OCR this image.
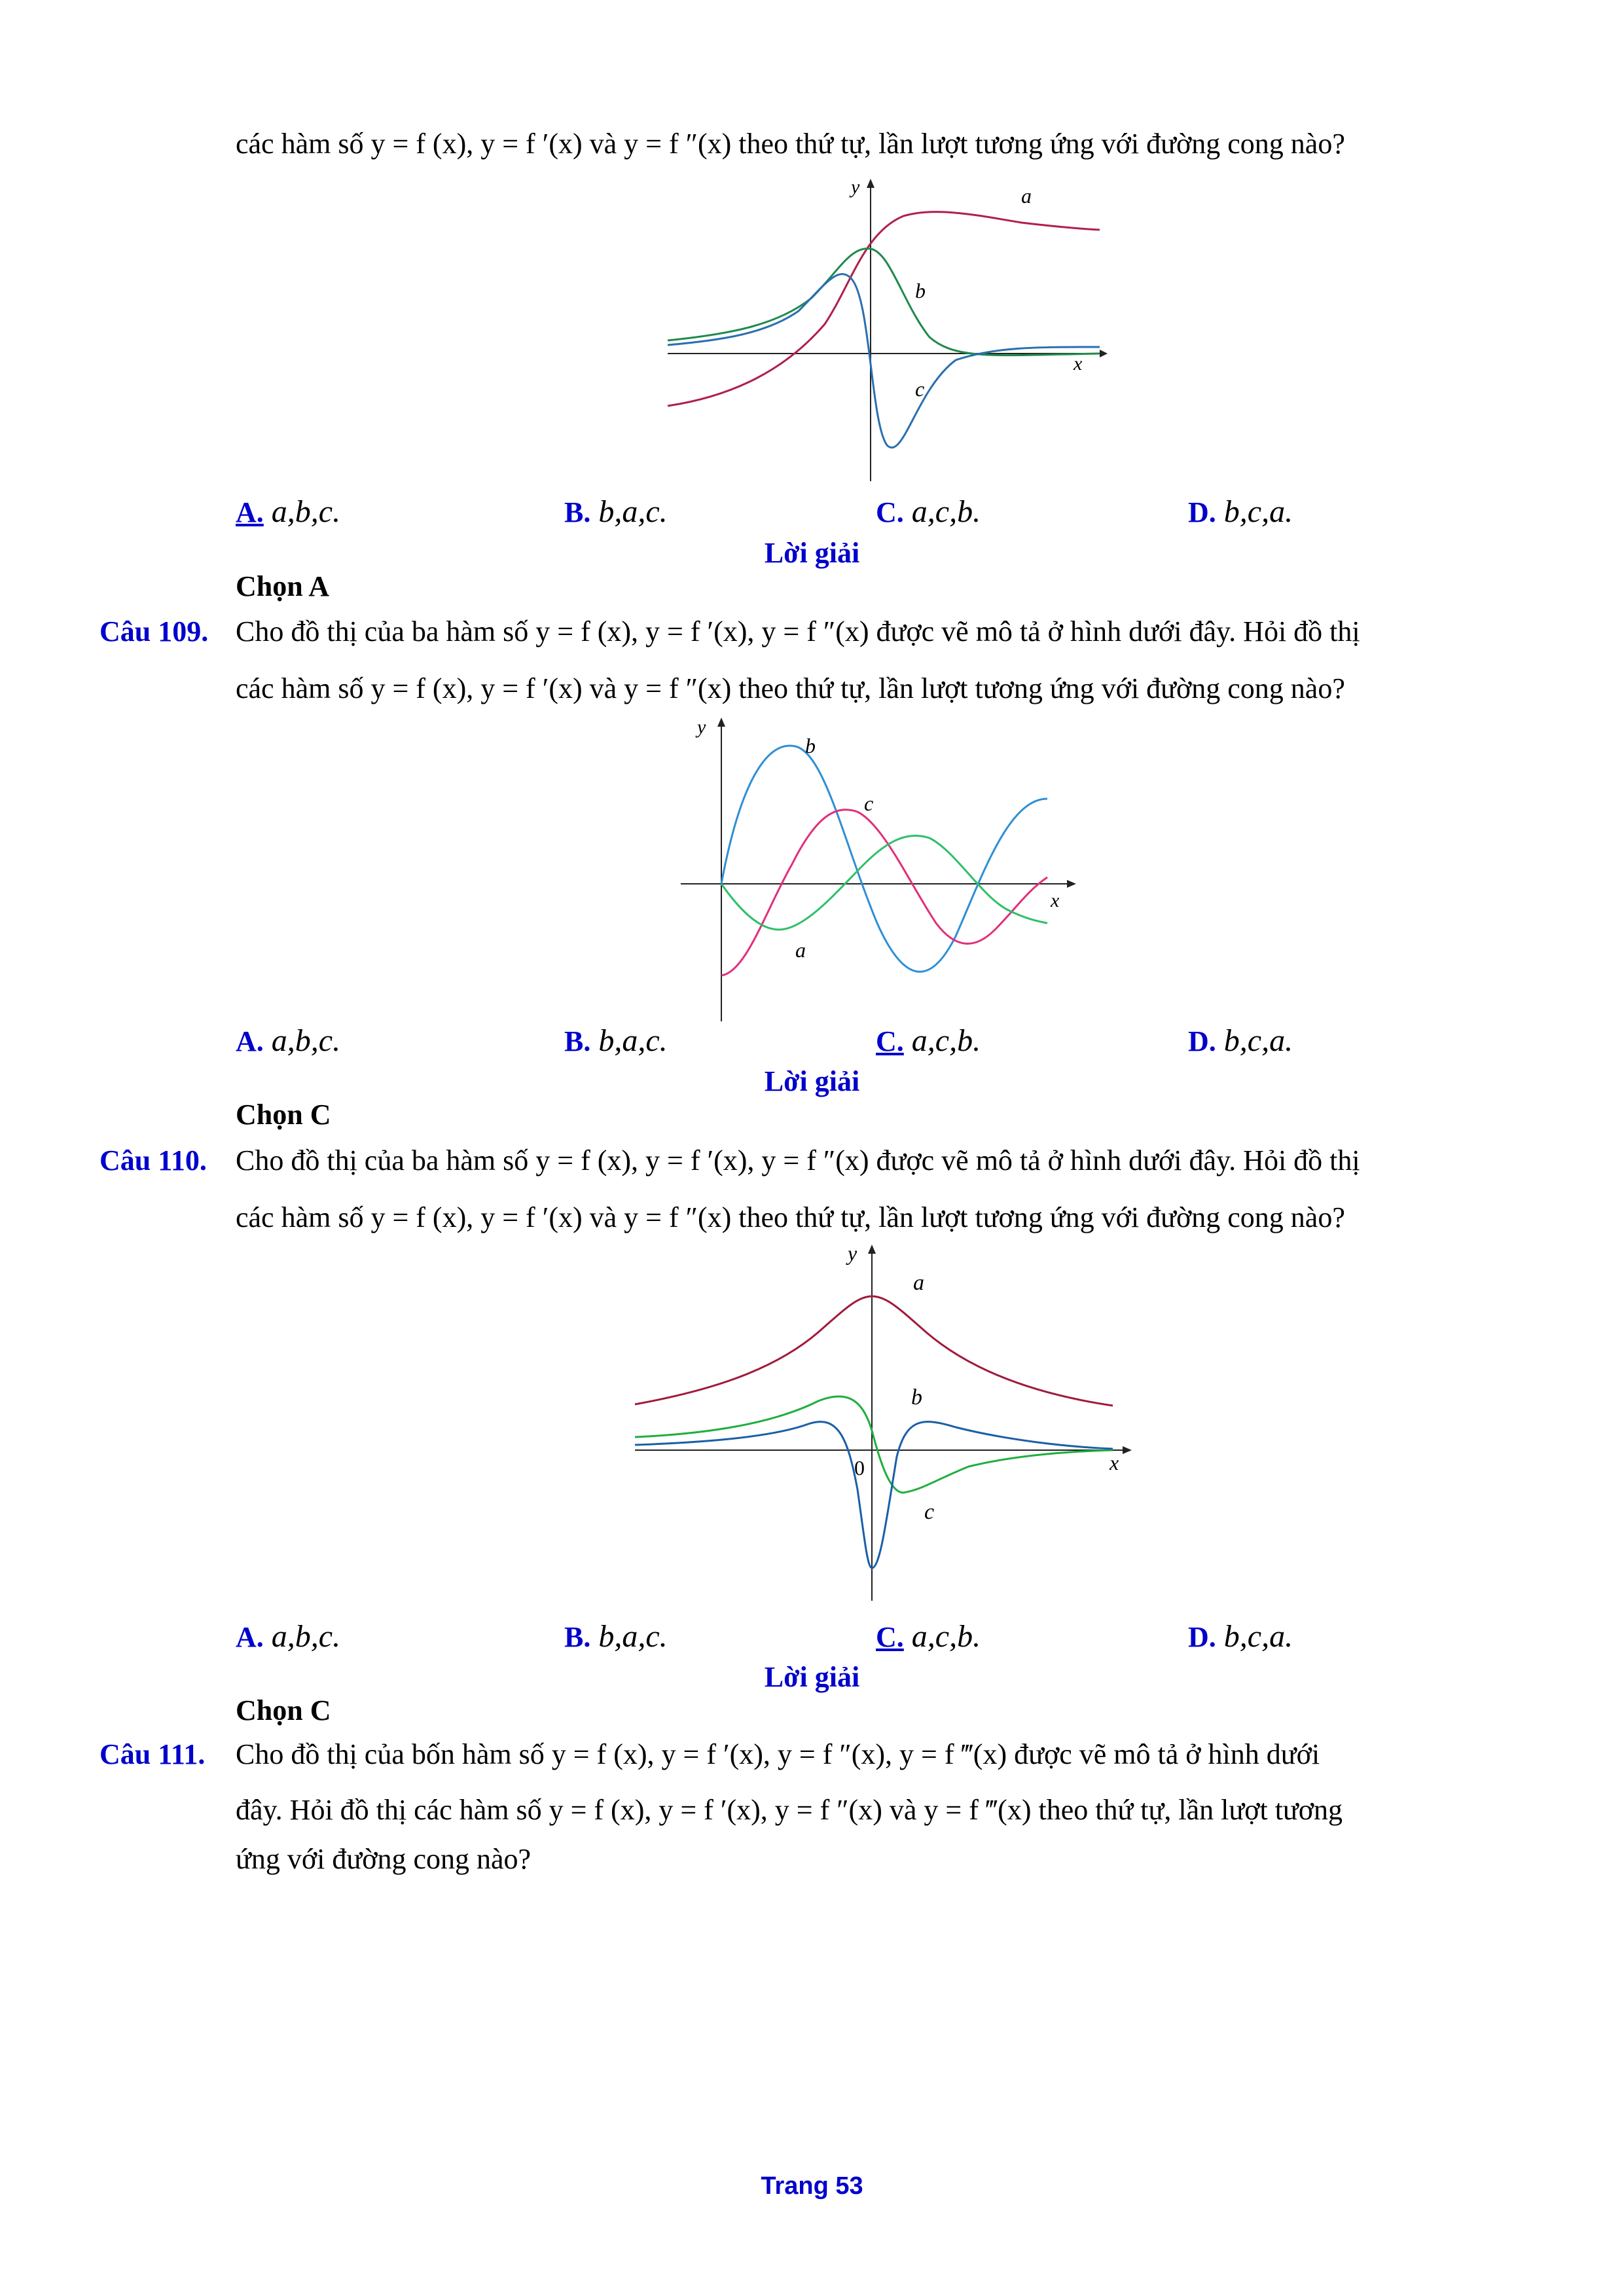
các hàm số y = f (x), y = f ′(x) và y = f ″(x) theo thứ tự, lần lượt tương ứng với đường cong nào?
x
y	a
b
c
A. a,b,c.	B. b,a,c.	C. a,c,b.	D. b,c,a.
Lời giải
Chọn A
Câu 109. Cho đồ thị của ba hàm số y = f (x), y = f ′(x), y = f ″(x) được vẽ mô tả ở hình dưới đây. Hỏi đồ thị
các hàm số y = f (x), y = f ′(x) và y = f ″(x) theo thứ tự, lần lượt tương ứng với đường cong nào?
x
y
b
c
a
A. a,b,c.	B. b,a,c.	C. a,c,b.	D. b,c,a.
Lời giải
Chọn C
Câu 110. Cho đồ thị của ba hàm số y = f (x), y = f ′(x), y = f ″(x) được vẽ mô tả ở hình dưới đây. Hỏi đồ thị
các hàm số y = f (x), y = f ′(x) và y = f ″(x) theo thứ tự, lần lượt tương ứng với đường cong nào?
x
y
0
a
b
c
A. a,b,c.	B. b,a,c.	C. a,c,b.	D. b,c,a.
Lời giải
Chọn C
Câu 111. Cho đồ thị của bốn hàm số y = f (x), y = f ′(x), y = f ″(x), y = f ‴(x) được vẽ mô tả ở hình dưới
đây. Hỏi đồ thị các hàm số y = f (x), y = f ′(x), y = f ″(x) và y = f ‴(x) theo thứ tự, lần lượt tương
ứng với đường cong nào?
Trang 53
